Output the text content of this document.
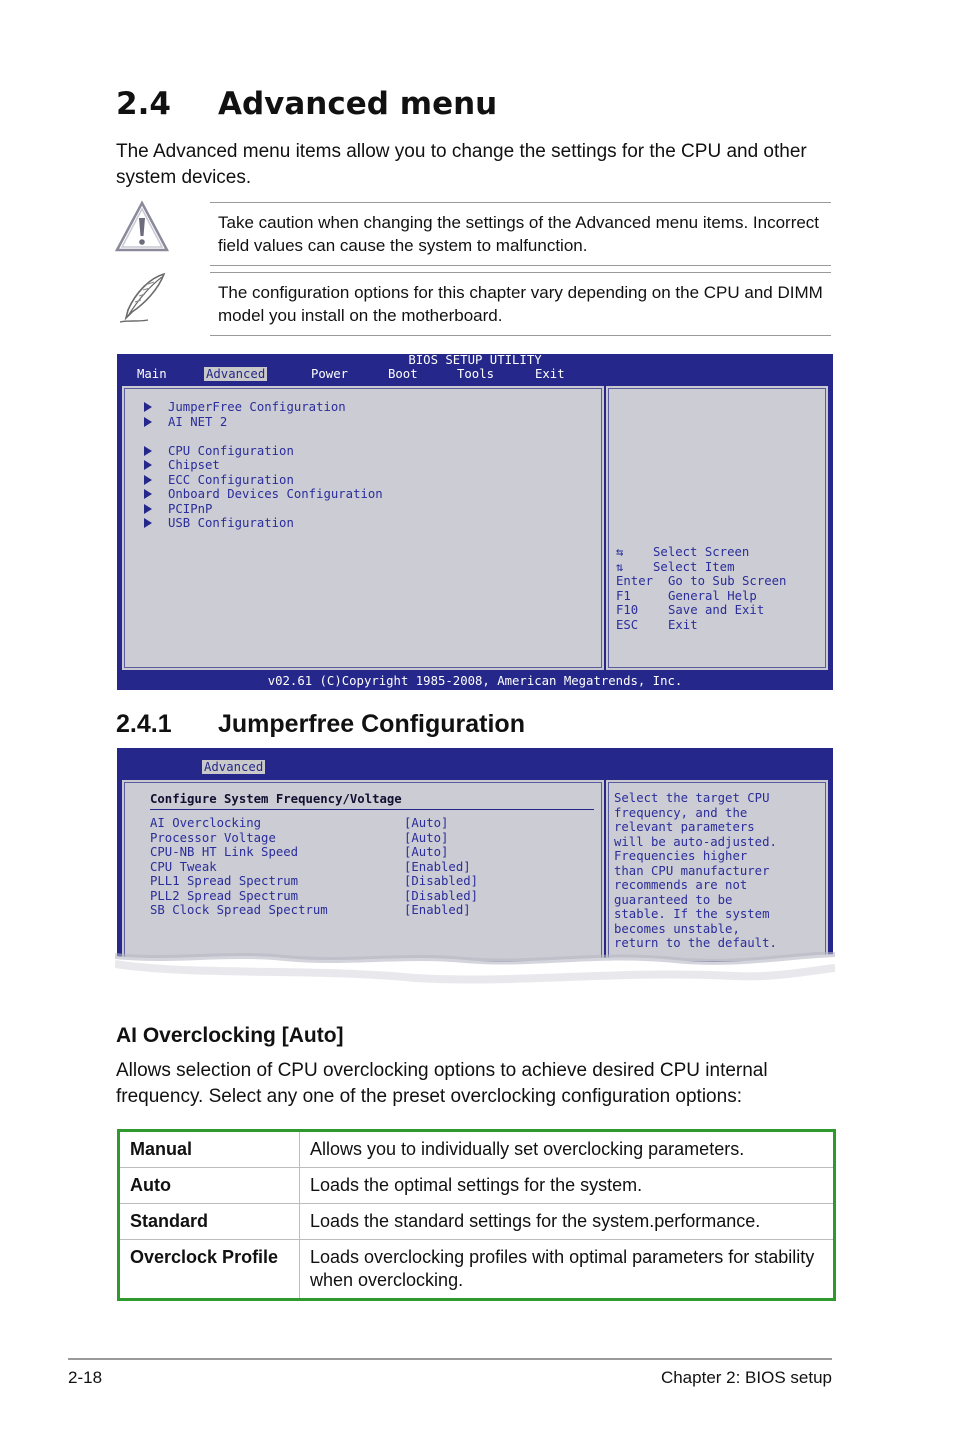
2.4 Advanced menu
The Advanced menu items allow you to change the settings for the CPU and other system devices.
Take caution when changing the settings of the Advanced menu items. Incorrect field values can cause the system to malfunction.
The configuration options for this chapter vary depending on the CPU and DIMM model you install on the motherboard.
BIOS SETUP UTILITY
Main	Advanced	Power	Boot	Tools	Exit
JumperFree Configuration
AI NET 2
CPU Configuration
Chipset
ECC Configuration
Onboard Devices Configuration
PCIPnP
USB Configuration
⇆    Select Screen
⇅    Select Item
Enter Go to Sub Screen
F1	General Help
F10 Save and Exit
ESC Exit
v02.61 (C)Copyright 1985-2008, American Megatrends, Inc.
2.4.1 Jumperfree Configuration
Advanced
Configure System Frequency/Voltage
AI Overclocking	[Auto]
Processor Voltage	[Auto]
CPU-NB HT Link Speed	[Auto]
CPU Tweak	[Enabled]
PLL1 Spread Spectrum	[Disabled]
PLL2 Spread Spectrum	[Disabled]
SB Clock Spread Spectrum	[Enabled]
Select the target CPU
frequency, and the
relevant parameters
will be auto-adjusted.
Frequencies higher
than CPU manufacturer
recommends are not
guaranteed to be
stable. If the system
becomes unstable,
return to the default.
AI Overclocking [Auto]
Allows selection of CPU overclocking options to achieve desired CPU internal frequency. Select any one of the preset overclocking configuration options:
Manual	Allows you to individually set overclocking parameters.
Auto	Loads the optimal settings for the system.
Standard	Loads the standard settings for the system.performance.
Overclock Profile	Loads overclocking profiles with optimal parameters for stability when overclocking.
2-18	Chapter 2: BIOS setup
